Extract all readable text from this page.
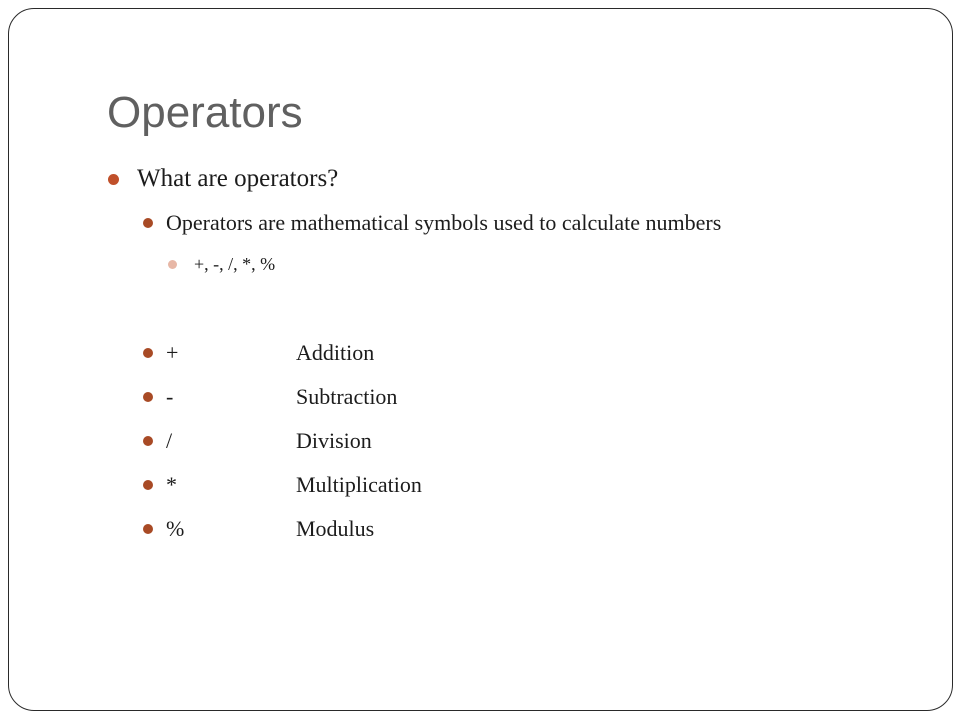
Operators
What are operators?
Operators are mathematical symbols used to calculate numbers
+, -, /, *, %
+	Addition
-	Subtraction
/	Division
*	Multiplication
%	Modulus
